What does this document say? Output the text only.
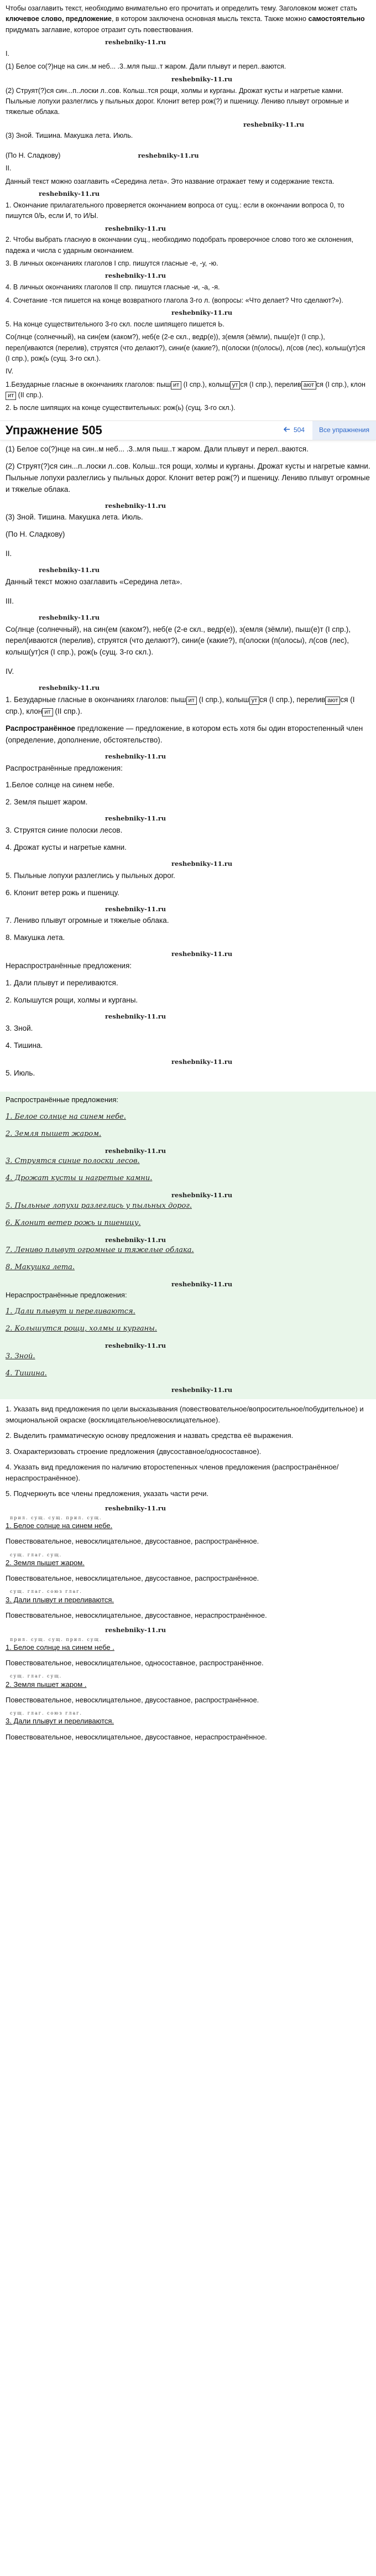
Чтобы озаглавить текст, необходимо внимательно его прочитать и определить тему. Заголовком может стать ключевое слово, предложение, в котором заключена основная мысль текста. Также можно самостоятельно придумать заглавие, которое отразит суть повествования.

reshebniky-11.ru

I.

(1) Белое со(?)нце на син..м неб... .3..мля пыш..т жаром. Дали плывут и перел..ваются.

reshebniky-11.ru

(2) Струят(?)ся син...п..лоски л..сов. Кольш..тся рощи, холмы и курганы. Дрожат кусты и нагретые камни. Пыльные лопухи разлеглись у пыльных дорог. Клонит ветер рож(?) и пшеницу. Лениво плывут огромные и тяжелые облака.

reshebniky-11.ru

(3) Зной. Тишина. Макушка лета. Июль.

(По Н. Сладкову)	reshebniky-11.ru

II.

Данный текст можно озаглавить «Середина лета». Это название отражает тему и содержание текста.

reshebniky-11.ru

1. Окончание прилагательного проверяется окончанием вопроса от сущ.: если в окончании вопроса 0, то пишутся 0/Ь, если И, то И/Ы.

reshebniky-11.ru

2. Чтобы выбрать гласную в окончании сущ., необходимо подобрать проверочное слово того же склонения, падежа и числа с ударным окончанием.

3. В личных окончаниях глаголов I спр. пишутся гласные -е, -у, -ю.

reshebniky-11.ru

4. В личных окончаниях глаголов II спр. пишутся гласные -и, -а, -я.

4. Сочетание -тся пишется на конце возвратного глагола 3-го л. (вопросы: «Что делает? Что сделают?»).

reshebniky-11.ru

5. На конце существительного 3-го скл. после шипящего пишется Ь.

Со(лнце (солнечный), на син(ем (каком?), неб(е (2-е скл., ведр(е)), з(емля (зёмли), пыш(е)т (I спр.), перел(иваются (перелив), струятся (что делают?), сини(е (какие?), п(олоски (п(олосы), л(сов (лес), колыш(ут)ся (I спр.), рож(ь (сущ. 3-го скл.).

IV.

1.Безударные гласные в окончаниях глаголов: пыш ит (I спр.), колыш ут ся (I спр.), перелив ают ся (I спр.), клонит (II спр.).

2. Ь после шипящих на конце существительных: рож(ь) (сущ. 3-го скл.).

Упражнение 505	504	Все упражнения

(1) Белое со(?)нце на син..м неб... .3..мля пыш..т жаром. Дали плывут и перел..ваются.

(2) Струят(?)ся син...п..лоски л..сов. Кольш..тся рощи, холмы и курганы. Дрожат кусты и нагретые камни. Пыльные лопухи разлеглись у пыльных дорог. Клонит ветер рож(?) и пшеницу. Лениво плывут огромные и тяжелые облака.

reshebniky-11.ru

(3) Зной. Тишина. Макушка лета. Июль.

(По Н. Сладкову)

II.

reshebniky-11.ru

Данный текст можно озаглавить «Середина лета».

III.

reshebniky-11.ru

Со(лнце (солнечный), на син(ем (каком?), неб(е (2-е скл., ведр(е)), з(емля (зёмли), пыш(е)т (I спр.), перел(иваются (перелив), струятся (что делают?), сини(е (какие?), п(олоски (п(олосы), л(сов (лес), колыш(ут)ся (I спр.), рож(ь (сущ. 3-го скл.).

IV.

reshebniky-11.ru

1. Безударные гласные в окончаниях глаголов: пыш ит (I спр.), колыш ут ся (I спр.), перелив ают ся (I спр.), клон ит (II спр.).

Распространённое предложение — предложение, в котором есть хотя бы один второстепенный член (определение, дополнение, обстоятельство).

reshebniky-11.ru

Распространённые предложения:

1.Белое солнце на синем небе.

2. Земля пышет жаром.

reshebniky-11.ru

3. Струятся синие полоски лесов.

4. Дрожат кусты и нагретые камни.

reshebniky-11.ru

5. Пыльные лопухи разлеглись у пыльных дорог.

6. Клонит ветер рожь и пшеницу.

reshebniky-11.ru

7. Лениво плывут огромные и тяжелые облака.

8. Макушка лета.

reshebniky-11.ru

Нераспространённые предложения:

1. Дали плывут и переливаются.

2. Колышутся рощи, холмы и курганы.

reshebniky-11.ru

3. Зной.

4. Тишина.

reshebniky-11.ru

5. Июль.

Распространённые предложения:

1. Белое солнце на синем небе.

2. Земля пышет жаром.

reshebniky-11.ru

3. Струятся синие полоски лесов.

4. Дрожат кусты и нагретые камни.

reshebniky-11.ru

5. Пыльные лопухи разлеглись у пыльных дорог.

6. Клонит ветер рожь и пшеницу.

reshebniky-11.ru

7. Лениво плывут огромные и тяжелые облака.

8. Макушка лета.

reshebniky-11.ru

Нераспространённые предложения:

1. Дали плывут и переливаются.

2. Колышутся рощи, холмы и курганы.

reshebniky-11.ru

3. Зной.

4. Тишина.

reshebniky-11.ru

1. Указать вид предложения по цели высказывания (повествовательное/вопросительное/побудительное) и эмоциональной окраске (восклицательное/невосклицательное).

2. Выделить грамматическую основу предложения и назвать средства её выражения.

3. Охарактеризовать строение предложения (двусоставное/односоставное).

4. Указать вид предложения по наличию второстепенных членов предложения (распространённое/нераспространённое).

5. Подчеркнуть все члены предложения, указать части речи.

reshebniky-11.ru
прил. сущ. сущ. прил. сущ.

1. Белое солнце на синем небе.

Повествовательное, невосклицательное, двусоставное, распространённое.

сущ. глаг. сущ.

2. Земля пышет жаром.

Повествовательное, невосклицательное, двусоставное, распространённое.

сущ. глаг. союз глаг.

3. Дали плывут и переливаются.

Повествовательное, невосклицательное, двусоставное, нераспространённое.

reshebniky-11.ru
прил. сущ. сущ. прил. сущ.

1. Белое солнце на синем небе .

Повествовательное, невосклицательное, односоставное, распространённое.

сущ. глаг. сущ.

2. Земля пышет жаром .

Повествовательное, невосклицательное, двусоставное, распространённое.

сущ. глаг. союз глаг.

3. Дали плывут и переливаются.

Повествовательное, невосклицательное, двусоставное, нераспространённое.
